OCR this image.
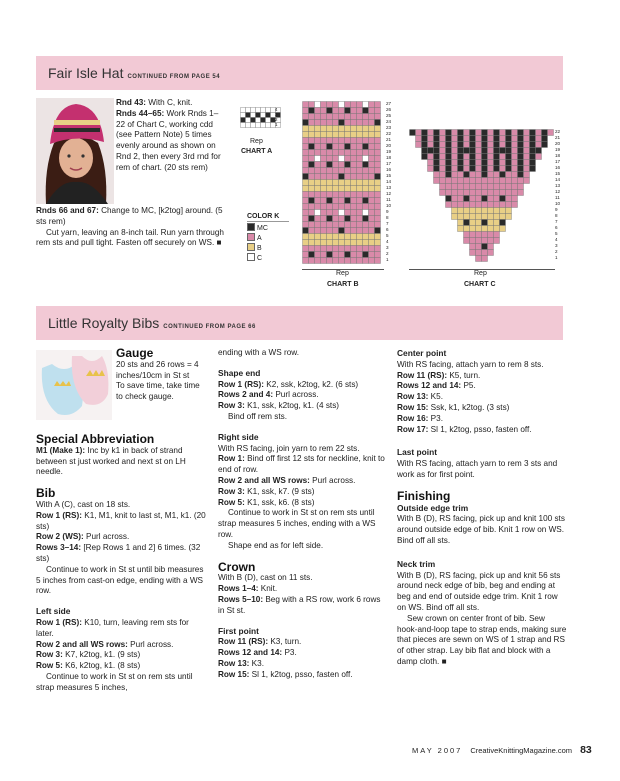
Fair Isle Hat CONTINUED FROM PAGE 54

Rnd 43: With C, knit.

Rnds 44–65: Work Rnds 1–22 of Chart C, working cdd (see Pattern Note) 5 times evenly around as shown on Rnd 2, then every 3rd rnd for rem of chart. (20 sts rem)

Rnds 66 and 67: Change to MC, [k2tog] around. (5 sts rem)

Cut yarn, leaving an 8-inch tail. Run yarn through rem sts and pull tight. Fasten off securely on WS. ■

Rep
CHART A
4
3
2
1
COLOR K
MC
A
B
C
27
26
25
24
23
22
21
20
19
18
17
16
15
14
13
12
11
10
9
8
7
6
5
4
3
2
1
Rep
CHART B
22
21
20
19
18
17
16
15
14
13
12
11
10
9
8
7
6
5
4
3
2
1
Rep
CHART C
Little Royalty Bibs CONTINUED FROM PAGE 66
Gauge

20 sts and 26 rows = 4 inches/10cm in St st

To save time, take time to check gauge.

Special Abbreviation

M1 (Make 1): Inc by k1 in back of strand between st just worked and next st on LH needle.

Bib

With A (C), cast on 18 sts.

Row 1 (RS): K1, M1, knit to last st, M1, k1. (20 sts)

Row 2 (WS): Purl across.

Rows 3–14: [Rep Rows 1 and 2] 6 times. (32 sts)

Continue to work in St st until bib measures 5 inches from cast-on edge, ending with a WS row.

Left side

Row 1 (RS): K10, turn, leaving rem sts for later.

Row 2 and all WS rows: Purl across.

Row 3: K7, k2tog, k1. (9 sts)

Row 5: K6, k2tog, k1. (8 sts)

Continue to work in St st on rem sts until strap measures 5 inches,

ending with a WS row.

Shape end

Row 1 (RS): K2, ssk, k2tog, k2. (6 sts)

Rows 2 and 4: Purl across.

Row 3: K1, ssk, k2tog, k1. (4 sts)

Bind off rem sts.

Right side

With RS facing, join yarn to rem 22 sts.

Row 1: Bind off first 12 sts for neckline, knit to end of row.

Row 2 and all WS rows: Purl across.

Row 3: K1, ssk, k7. (9 sts)

Row 5: K1, ssk, k6. (8 sts)

Continue to work in St st on rem sts until strap measures 5 inches, ending with a WS row.

Shape end as for left side.

Crown

With B (D), cast on 11 sts.

Rows 1–4: Knit.

Rows 5–10: Beg with a RS row, work 6 rows in St st.

First point

Row 11 (RS): K3, turn.

Rows 12 and 14: P3.

Row 13: K3.

Row 15: Sl 1, k2tog, psso, fasten off.

Center point

With RS facing, attach yarn to rem 8 sts.

Row 11 (RS): K5, turn.

Rows 12 and 14: P5.

Row 13: K5.

Row 15: Ssk, k1, k2tog. (3 sts)

Row 16: P3.

Row 17: Sl 1, k2tog, psso, fasten off.

Last point

With RS facing, attach yarn to rem 3 sts and work as for first point.

Finishing
Outside edge trim

With B (D), RS facing, pick up and knit 100 sts around outside edge of bib. Knit 1 row on WS. Bind off all sts.

Neck trim

With B (D), RS facing, pick up and knit 56 sts around neck edge of bib, beg and ending at beg and end of outside edge trim. Knit 1 row on WS. Bind off all sts.

Sew crown on center front of bib. Sew hook-and-loop tape to strap ends, making sure that pieces are sewn on WS of 1 strap and RS of other strap. Lay bib flat and block with a damp cloth. ■

MAY 2007 CreativeKnittingMagazine.com 83
